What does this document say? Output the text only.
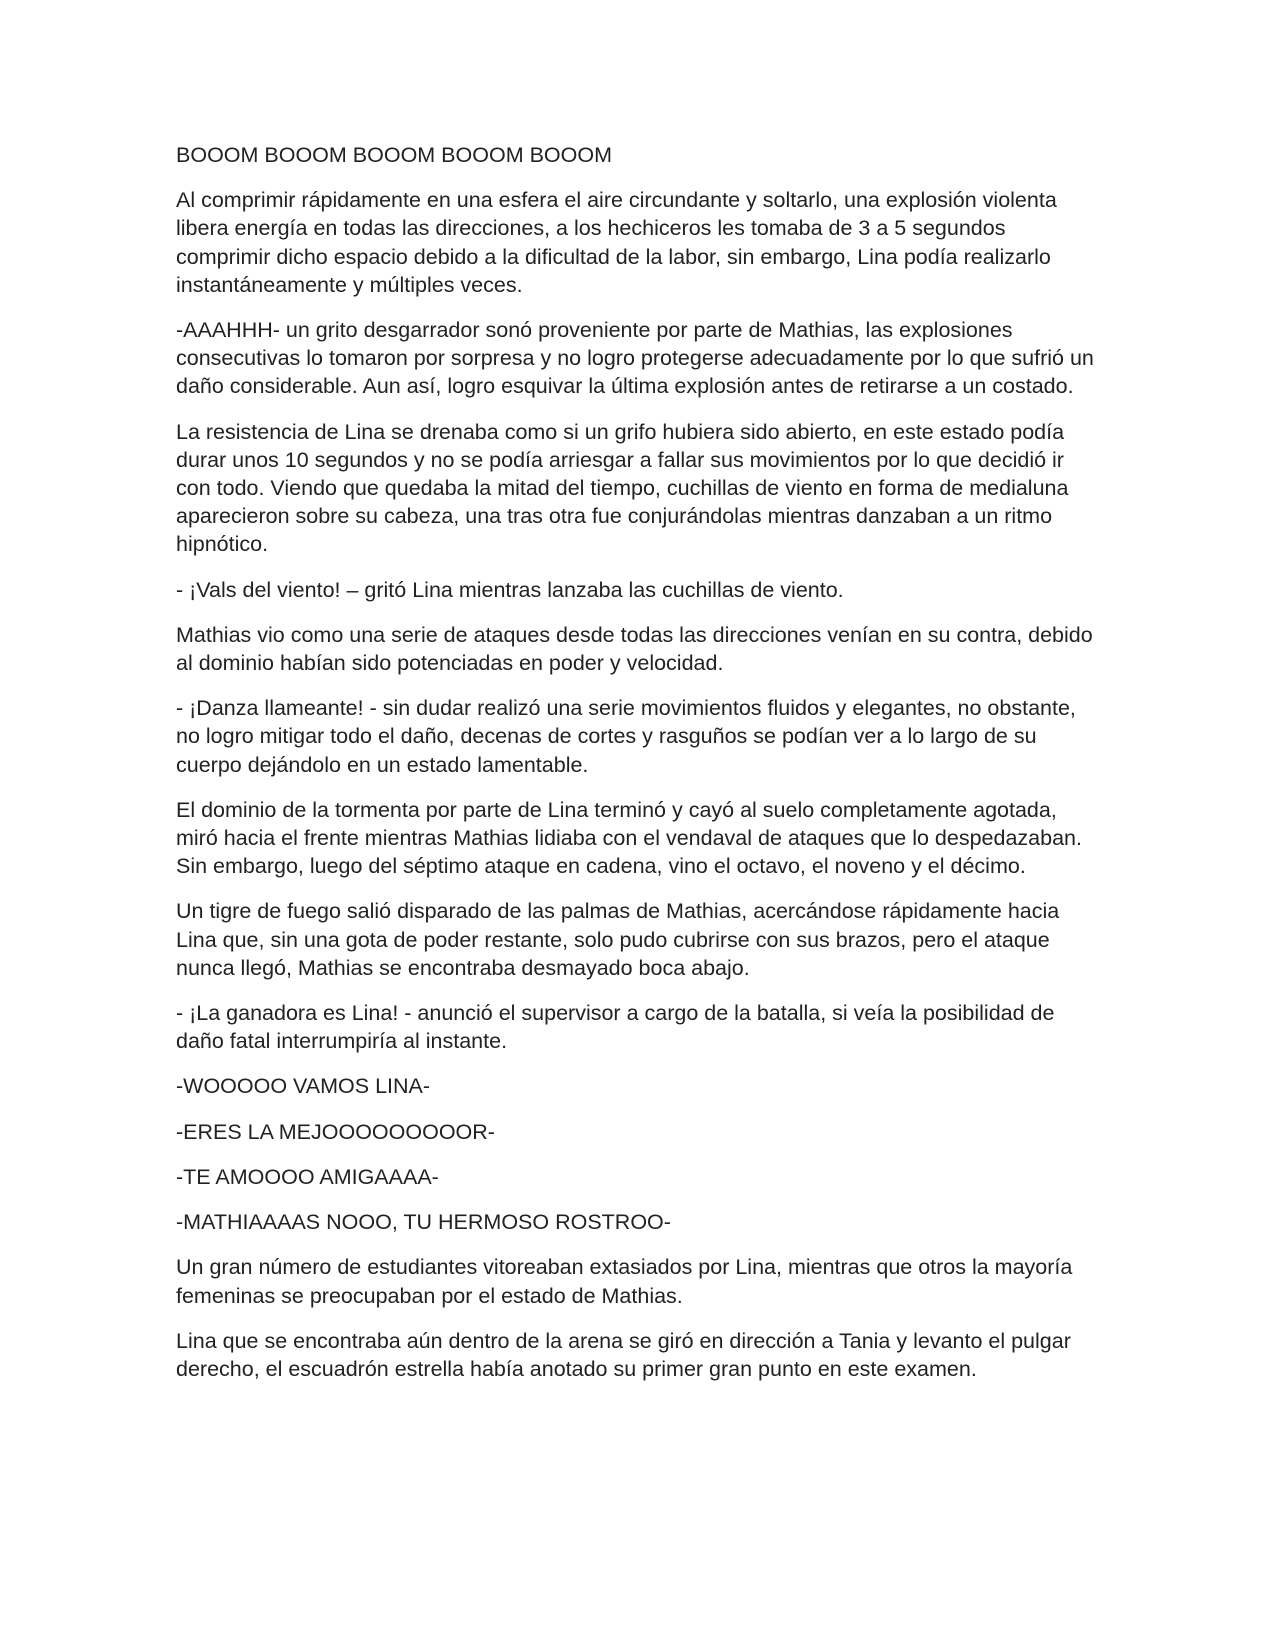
BOOOM BOOOM BOOOM BOOOM BOOOM

Al comprimir rápidamente en una esfera el aire circundante y soltarlo, una explosión violenta libera energía en todas las direcciones, a los hechiceros les tomaba de 3 a 5 segundos comprimir dicho espacio debido a la dificultad de la labor, sin embargo, Lina podía realizarlo instantáneamente y múltiples veces.

-AAAHHH- un grito desgarrador sonó proveniente por parte de Mathias, las explosiones consecutivas lo tomaron por sorpresa y no logro protegerse adecuadamente por lo que sufrió un daño considerable. Aun así, logro esquivar la última explosión antes de retirarse a un costado.

La resistencia de Lina se drenaba como si un grifo hubiera sido abierto, en este estado podía durar unos 10 segundos y no se podía arriesgar a fallar sus movimientos por lo que decidió ir con todo. Viendo que quedaba la mitad del tiempo, cuchillas de viento en forma de medialuna aparecieron sobre su cabeza, una tras otra fue conjurándolas mientras danzaban a un ritmo hipnótico.

- ¡Vals del viento! – gritó Lina mientras lanzaba las cuchillas de viento.

Mathias vio como una serie de ataques desde todas las direcciones venían en su contra, debido al dominio habían sido potenciadas en poder y velocidad.

- ¡Danza llameante! - sin dudar realizó una serie movimientos fluidos y elegantes, no obstante, no logro mitigar todo el daño, decenas de cortes y rasguños se podían ver a lo largo de su cuerpo dejándolo en un estado lamentable.

El dominio de la tormenta por parte de Lina terminó y cayó al suelo completamente agotada, miró hacia el frente mientras Mathias lidiaba con el vendaval de ataques que lo despedazaban. Sin embargo, luego del séptimo ataque en cadena, vino el octavo, el noveno y el décimo.

Un tigre de fuego salió disparado de las palmas de Mathias, acercándose rápidamente hacia Lina que, sin una gota de poder restante, solo pudo cubrirse con sus brazos, pero el ataque nunca llegó, Mathias se encontraba desmayado boca abajo.

- ¡La ganadora es Lina! - anunció el supervisor a cargo de la batalla, si veía la posibilidad de daño fatal interrumpiría al instante.

-WOOOOO VAMOS LINA-

-ERES LA MEJOOOOOOOOOR-

-TE AMOOOO AMIGAAAA-

-MATHIAAAAS NOOO, TU HERMOSO ROSTROO-

Un gran número de estudiantes vitoreaban extasiados por Lina, mientras que otros la mayoría femeninas se preocupaban por el estado de Mathias.

Lina que se encontraba aún dentro de la arena se giró en dirección a Tania y levanto el pulgar derecho, el escuadrón estrella había anotado su primer gran punto en este examen.
